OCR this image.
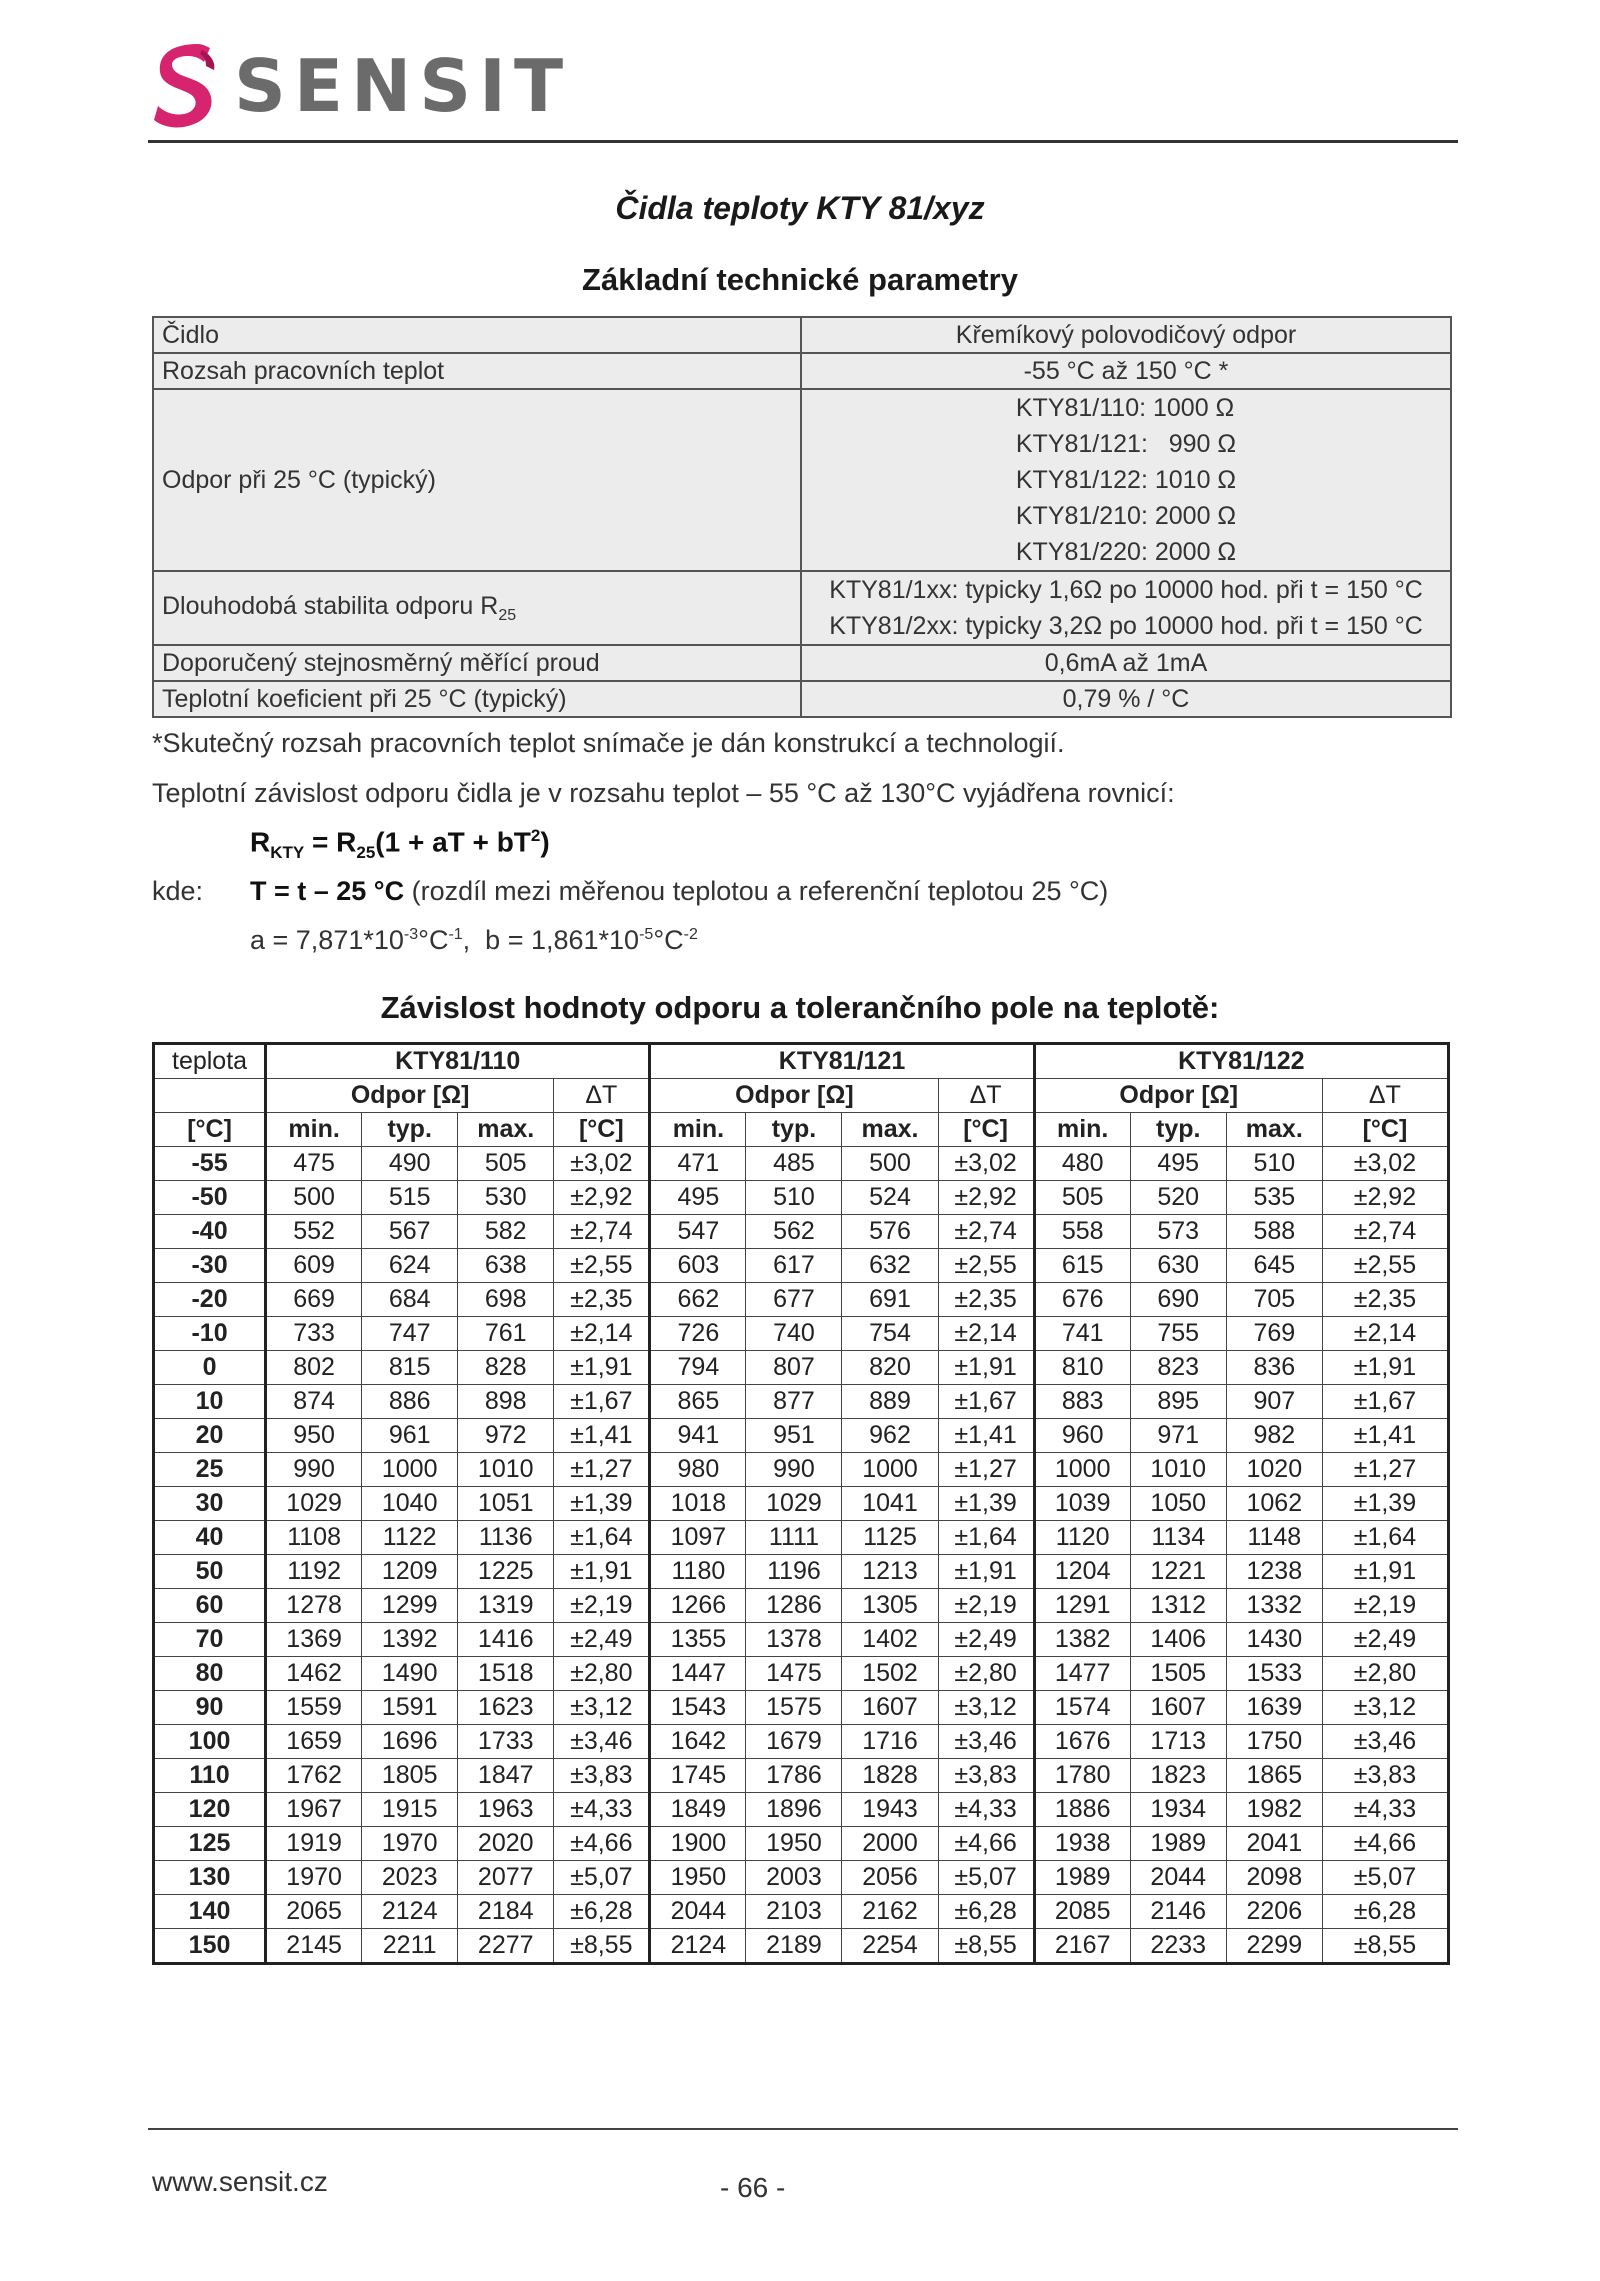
SENSIT
Čidla teploty KTY 81/xyz
Základní technické parametry
Čidlo	Křemíkový polovodičový odpor
Rozsah pracovních teplot	-55 °C až 150 °C *
Odpor při 25 °C (typický)	KTY81/110: 1000 Ω
KTY81/121:   990 Ω
KTY81/122: 1010 Ω
KTY81/210: 2000 Ω
KTY81/220: 2000 Ω

Dlouhodobá stabilita odporu $R_{25}$	KTY81/1xx: typicky 1,6Ω po 10000 hod. při t = 150 °C
KTY81/2xx: typicky 3,2Ω po 10000 hod. při t = 150 °C

Doporučený stejnosměrný měřící proud	0,6mA až 1mA
Teplotní koeficient při 25 °C (typický)	0,79 % / °C
*Skutečný rozsah pracovních teplot snímače je dán konstrukcí a technologií.
Teplotní závislost odporu čidla je v rozsahu teplot – 55 °C až 130°C vyjádřena rovnicí:
$R_{KTY} = R_{25}(1$ + aT + $bT^2$)
kde: T = t – 25 °C (rozdíl mezi měřenou teplotou a referenční teplotou 25 °C)
$a = 7,871*10^{-3}^\circ C^{-1}$,  $b = 1,861*10^{-5}^\circ C^{-2}$
Závislost hodnoty odporu a tolerančního pole na teplotě:
teplota	KTY81/110				KTY81/121				KTY81/122			
	Odpor [Ω]			ΔT	Odpor [Ω]			ΔT	Odpor [Ω]			ΔT
[°C]	min.	typ.	max.	[°C]	min.	typ.	max.	[°C]	min.	typ.	max.	[°C]
-55	475	490	505	±3,02	471	485	500	±3,02	480	495	510	±3,02
-50	500	515	530	±2,92	495	510	524	±2,92	505	520	535	±2,92
-40	552	567	582	±2,74	547	562	576	±2,74	558	573	588	±2,74
-30	609	624	638	±2,55	603	617	632	±2,55	615	630	645	±2,55
-20	669	684	698	±2,35	662	677	691	±2,35	676	690	705	±2,35
-10	733	747	761	±2,14	726	740	754	±2,14	741	755	769	±2,14
0	802	815	828	±1,91	794	807	820	±1,91	810	823	836	±1,91
10	874	886	898	±1,67	865	877	889	±1,67	883	895	907	±1,67
20	950	961	972	±1,41	941	951	962	±1,41	960	971	982	±1,41
25	990	1000	1010	±1,27	980	990	1000	±1,27	1000	1010	1020	±1,27
30	1029	1040	1051	±1,39	1018	1029	1041	±1,39	1039	1050	1062	±1,39
40	1108	1122	1136	±1,64	1097	1111	1125	±1,64	1120	1134	1148	±1,64
50	1192	1209	1225	±1,91	1180	1196	1213	±1,91	1204	1221	1238	±1,91
60	1278	1299	1319	±2,19	1266	1286	1305	±2,19	1291	1312	1332	±2,19
70	1369	1392	1416	±2,49	1355	1378	1402	±2,49	1382	1406	1430	±2,49
80	1462	1490	1518	±2,80	1447	1475	1502	±2,80	1477	1505	1533	±2,80
90	1559	1591	1623	±3,12	1543	1575	1607	±3,12	1574	1607	1639	±3,12
100	1659	1696	1733	±3,46	1642	1679	1716	±3,46	1676	1713	1750	±3,46
110	1762	1805	1847	±3,83	1745	1786	1828	±3,83	1780	1823	1865	±3,83
120	1967	1915	1963	±4,33	1849	1896	1943	±4,33	1886	1934	1982	±4,33
125	1919	1970	2020	±4,66	1900	1950	2000	±4,66	1938	1989	2041	±4,66
130	1970	2023	2077	±5,07	1950	2003	2056	±5,07	1989	2044	2098	±5,07
140	2065	2124	2184	±6,28	2044	2103	2162	±6,28	2085	2146	2206	±6,28
150	2145	2211	2277	±8,55	2124	2189	2254	±8,55	2167	2233	2299	±8,55
www.sensit.cz	- 66 -
